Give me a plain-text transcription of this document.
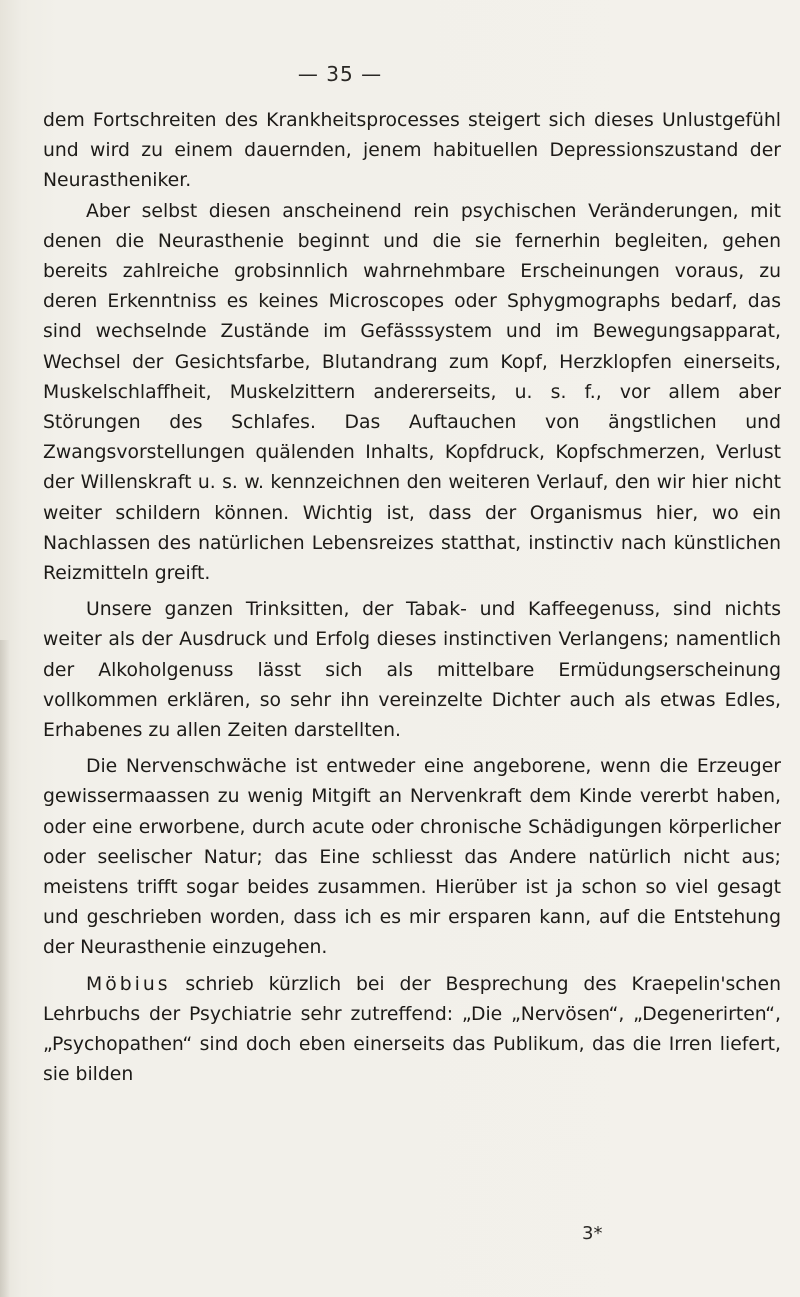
— 35 —

dem Fortschreiten des Krankheitsprocesses steigert sich dieses Unlustgefühl und wird zu einem dauernden, jenem habituellen Depressionszustand der Neurastheniker.

Aber selbst diesen anscheinend rein psychischen Veränderungen, mit denen die Neurasthenie beginnt und die sie fernerhin begleiten, gehen bereits zahlreiche grobsinnlich wahrnehmbare Erscheinungen voraus, zu deren Erkenntniss es keines Microscopes oder Sphygmographs bedarf, das sind wechselnde Zustände im Gefässsystem und im Bewegungsapparat, Wechsel der Gesichtsfarbe, Blutandrang zum Kopf, Herzklopfen einerseits, Muskelschlaffheit, Muskelzittern andererseits, u. s. f., vor allem aber Störungen des Schlafes. Das Auftauchen von ängstlichen und Zwangsvorstellungen quälenden Inhalts, Kopfdruck, Kopfschmerzen, Verlust der Willenskraft u. s. w. kennzeichnen den weiteren Verlauf, den wir hier nicht weiter schildern können. Wichtig ist, dass der Organismus hier, wo ein Nachlassen des natürlichen Lebensreizes statthat, instinctiv nach künstlichen Reizmitteln greift.

Unsere ganzen Trinksitten, der Tabak- und Kaffeegenuss, sind nichts weiter als der Ausdruck und Erfolg dieses instinctiven Verlangens; namentlich der Alkoholgenuss lässt sich als mittelbare Ermüdungserscheinung vollkommen erklären, so sehr ihn vereinzelte Dichter auch als etwas Edles, Erhabenes zu allen Zeiten darstellten.

Die Nervenschwäche ist entweder eine angeborene, wenn die Erzeuger gewissermaassen zu wenig Mitgift an Nervenkraft dem Kinde vererbt haben, oder eine erworbene, durch acute oder chronische Schädigungen körperlicher oder seelischer Natur; das Eine schliesst das Andere natürlich nicht aus; meistens trifft sogar beides zusammen. Hierüber ist ja schon so viel gesagt und geschrieben worden, dass ich es mir ersparen kann, auf die Entstehung der Neurasthenie einzugehen.

Möbius schrieb kürzlich bei der Besprechung des Kraepelin'schen Lehrbuchs der Psychiatrie sehr zutreffend: „Die „Nervösen“, „Degenerirten“, „Psychopathen“ sind doch eben einerseits das Publikum, das die Irren liefert, sie bilden

3*
